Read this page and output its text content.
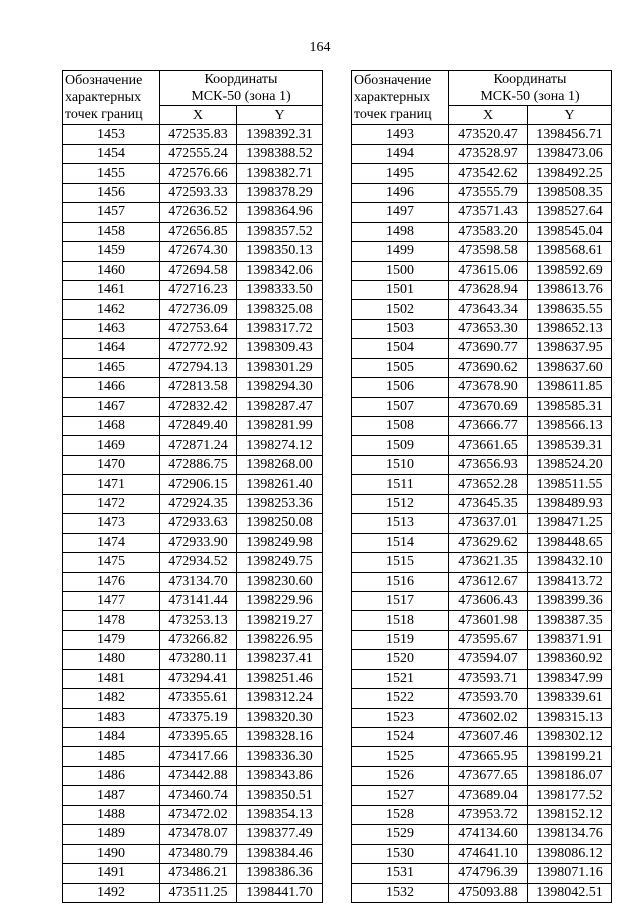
164
Обозначение
характерных
точек границ	Координаты
МСК-50 (зона 1)	
	X	Y
1453	472535.83	1398392.31
1454	472555.24	1398388.52
1455	472576.66	1398382.71
1456	472593.33	1398378.29
1457	472636.52	1398364.96
1458	472656.85	1398357.52
1459	472674.30	1398350.13
1460	472694.58	1398342.06
1461	472716.23	1398333.50
1462	472736.09	1398325.08
1463	472753.64	1398317.72
1464	472772.92	1398309.43
1465	472794.13	1398301.29
1466	472813.58	1398294.30
1467	472832.42	1398287.47
1468	472849.40	1398281.99
1469	472871.24	1398274.12
1470	472886.75	1398268.00
1471	472906.15	1398261.40
1472	472924.35	1398253.36
1473	472933.63	1398250.08
1474	472933.90	1398249.98
1475	472934.52	1398249.75
1476	473134.70	1398230.60
1477	473141.44	1398229.96
1478	473253.13	1398219.27
1479	473266.82	1398226.95
1480	473280.11	1398237.41
1481	473294.41	1398251.46
1482	473355.61	1398312.24
1483	473375.19	1398320.30
1484	473395.65	1398328.16
1485	473417.66	1398336.30
1486	473442.88	1398343.86
1487	473460.74	1398350.51
1488	473472.02	1398354.13
1489	473478.07	1398377.49
1490	473480.79	1398384.46
1491	473486.21	1398386.36
1492	473511.25	1398441.70
Обозначение
характерных
точек границ	Координаты
МСК-50 (зона 1)	
	X	Y
1493	473520.47	1398456.71
1494	473528.97	1398473.06
1495	473542.62	1398492.25
1496	473555.79	1398508.35
1497	473571.43	1398527.64
1498	473583.20	1398545.04
1499	473598.58	1398568.61
1500	473615.06	1398592.69
1501	473628.94	1398613.76
1502	473643.34	1398635.55
1503	473653.30	1398652.13
1504	473690.77	1398637.95
1505	473690.62	1398637.60
1506	473678.90	1398611.85
1507	473670.69	1398585.31
1508	473666.77	1398566.13
1509	473661.65	1398539.31
1510	473656.93	1398524.20
1511	473652.28	1398511.55
1512	473645.35	1398489.93
1513	473637.01	1398471.25
1514	473629.62	1398448.65
1515	473621.35	1398432.10
1516	473612.67	1398413.72
1517	473606.43	1398399.36
1518	473601.98	1398387.35
1519	473595.67	1398371.91
1520	473594.07	1398360.92
1521	473593.71	1398347.99
1522	473593.70	1398339.61
1523	473602.02	1398315.13
1524	473607.46	1398302.12
1525	473665.95	1398199.21
1526	473677.65	1398186.07
1527	473689.04	1398177.52
1528	473953.72	1398152.12
1529	474134.60	1398134.76
1530	474641.10	1398086.12
1531	474796.39	1398071.16
1532	475093.88	1398042.51
